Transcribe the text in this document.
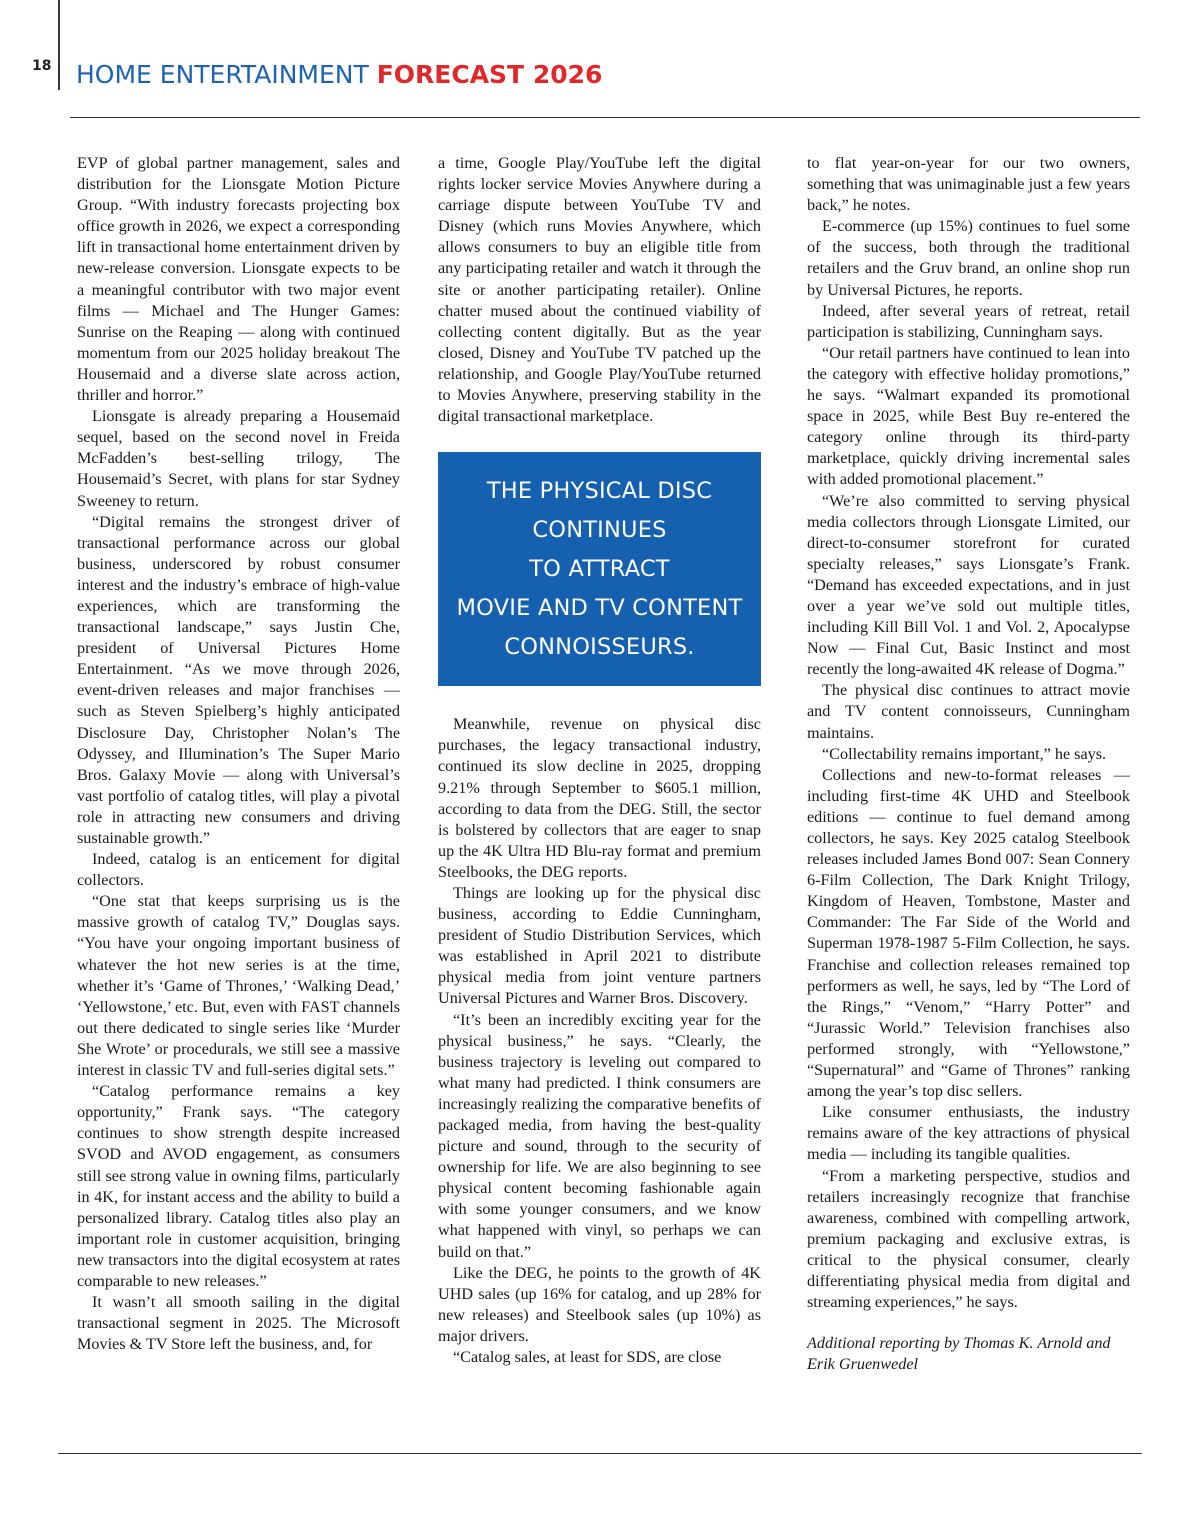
18 HOME ENTERTAINMENT FORECAST 2026

EVP of global partner management, sales and distribution for the Lionsgate Motion Picture Group. “With industry forecasts projecting box office growth in 2026, we expect a corresponding lift in transactional home entertainment driven by new-release conversion. Lionsgate expects to be a meaningful contributor with two major event films — Michael and The Hunger Games: Sunrise on the Reaping — along with continued momentum from our 2025 holiday breakout The Housemaid and a diverse slate across action, thriller and horror.”

Lionsgate is already preparing a Housemaid sequel, based on the second novel in Freida McFadden’s best-selling trilogy, The Housemaid’s Secret, with plans for star Sydney Sweeney to return.

“Digital remains the strongest driver of transactional performance across our global business, underscored by robust consumer interest and the industry’s embrace of high-value experiences, which are transforming the transactional landscape,” says Justin Che, president of Universal Pictures Home Entertainment. “As we move through 2026, event-driven releases and major franchises — such as Steven Spielberg’s highly anticipated Disclosure Day, Christopher Nolan’s The Odyssey, and Illumination’s The Super Mario Bros. Galaxy Movie — along with Universal’s vast portfolio of catalog titles, will play a pivotal role in attracting new consumers and driving sustainable growth.”

Indeed, catalog is an enticement for digital collectors.

“One stat that keeps surprising us is the massive growth of catalog TV,” Douglas says. “You have your ongoing important business of whatever the hot new series is at the time, whether it’s ‘Game of Thrones,’ ‘Walking Dead,’ ‘Yellowstone,’ etc. But, even with FAST channels out there dedicated to single series like ‘Murder She Wrote’ or procedurals, we still see a massive interest in classic TV and full-series digital sets.”

“Catalog performance remains a key opportunity,” Frank says. “The category continues to show strength despite increased SVOD and AVOD engagement, as consumers still see strong value in owning films, particularly in 4K, for instant access and the ability to build a personalized library. Catalog titles also play an important role in customer acquisition, bringing new transactors into the digital ecosystem at rates comparable to new releases.”

It wasn’t all smooth sailing in the digital transactional segment in 2025. The Microsoft Movies & TV Store left the business, and, for

a time, Google Play/YouTube left the digital rights locker service Movies Anywhere during a carriage dispute between YouTube TV and Disney (which runs Movies Anywhere, which allows consumers to buy an eligible title from any participating retailer and watch it through the site or another participating retailer). Online chatter mused about the continued viability of collecting content digitally. But as the year closed, Disney and YouTube TV patched up the relationship, and Google Play/YouTube returned to Movies Anywhere, preserving stability in the digital transactional marketplace.

THE PHYSICAL DISC
CONTINUES
TO ATTRACT
MOVIE AND TV CONTENT
CONNOISSEURS.

Meanwhile, revenue on physical disc purchases, the legacy transactional industry, continued its slow decline in 2025, dropping 9.21% through September to $605.1 million, according to data from the DEG. Still, the sector is bolstered by collectors that are eager to snap up the 4K Ultra HD Blu-ray format and premium Steelbooks, the DEG reports.

Things are looking up for the physical disc business, according to Eddie Cunningham, president of Studio Distribution Services, which was established in April 2021 to distribute physical media from joint venture partners Universal Pictures and Warner Bros. Discovery.

“It’s been an incredibly exciting year for the physical business,” he says. “Clearly, the business trajectory is leveling out compared to what many had predicted. I think consumers are increasingly realizing the comparative benefits of packaged media, from having the best-quality picture and sound, through to the security of ownership for life. We are also beginning to see physical content becoming fashionable again with some younger consumers, and we know what happened with vinyl, so perhaps we can build on that.”

Like the DEG, he points to the growth of 4K UHD sales (up 16% for catalog, and up 28% for new releases) and Steelbook sales (up 10%) as major drivers.

“Catalog sales, at least for SDS, are close

to flat year-on-year for our two owners, something that was unimaginable just a few years back,” he notes.

E-commerce (up 15%) continues to fuel some of the success, both through the traditional retailers and the Gruv brand, an online shop run by Universal Pictures, he reports.

Indeed, after several years of retreat, retail participation is stabilizing, Cunningham says.

“Our retail partners have continued to lean into the category with effective holiday promotions,” he says. “Walmart expanded its promotional space in 2025, while Best Buy re-entered the category online through its third-party marketplace, quickly driving incremental sales with added promotional placement.”

“We’re also committed to serving physical media collectors through Lionsgate Limited, our direct-to-consumer storefront for curated specialty releases,” says Lionsgate’s Frank. “Demand has exceeded expectations, and in just over a year we’ve sold out multiple titles, including Kill Bill Vol. 1 and Vol. 2, Apocalypse Now — Final Cut, Basic Instinct and most recently the long-awaited 4K release of Dogma.”

The physical disc continues to attract movie and TV content connoisseurs, Cunningham maintains.

“Collectability remains important,” he says.

Collections and new-to-format releases — including first-time 4K UHD and Steelbook editions — continue to fuel demand among collectors, he says. Key 2025 catalog Steelbook releases included James Bond 007: Sean Connery 6-Film Collection, The Dark Knight Trilogy, Kingdom of Heaven, Tombstone, Master and Commander: The Far Side of the World and Superman 1978-1987 5-Film Collection, he says. Franchise and collection releases remained top performers as well, he says, led by “The Lord of the Rings,” “Venom,” “Harry Potter” and “Jurassic World.” Television franchises also performed strongly, with “Yellowstone,” “Supernatural” and “Game of Thrones” ranking among the year’s top disc sellers.

Like consumer enthusiasts, the industry remains aware of the key attractions of physical media — including its tangible qualities.

“From a marketing perspective, studios and retailers increasingly recognize that franchise awareness, combined with compelling artwork, premium packaging and exclusive extras, is critical to the physical consumer, clearly differentiating physical media from digital and streaming experiences,” he says.

Additional reporting by Thomas K. Arnold and Erik Gruenwedel
